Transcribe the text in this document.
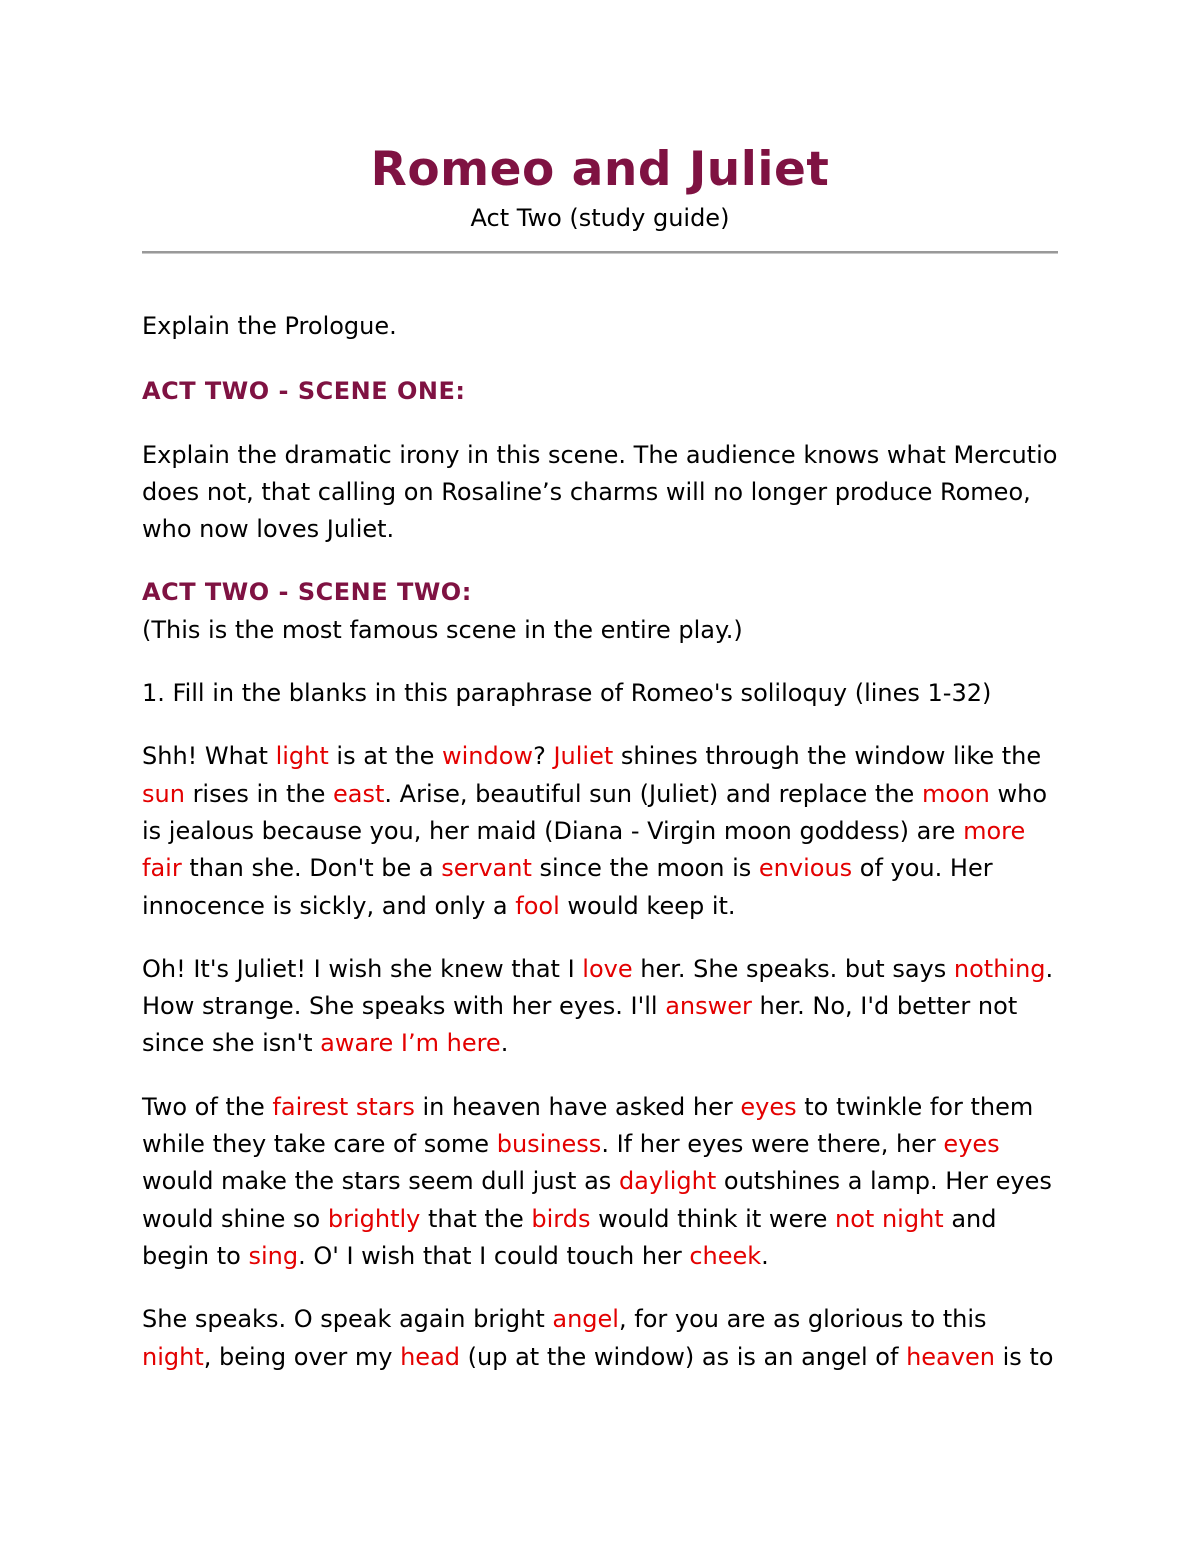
Romeo and Juliet
Act Two (study guide)

Explain the Prologue.

ACT TWO - SCENE ONE:

Explain the dramatic irony in this scene. The audience knows what Mercutio does not, that calling on Rosaline’s charms will no longer produce Romeo, who now loves Juliet.

ACT TWO - SCENE TWO:

(This is the most famous scene in the entire play.)

1. Fill in the blanks in this paraphrase of Romeo's soliloquy (lines 1-32)

Shh! What light is at the window? Juliet shines through the window like the sun rises in the east. Arise, beautiful sun (Juliet) and replace the moon who is jealous because you, her maid (Diana - Virgin moon goddess) are more fair than she. Don't be a servant since the moon is envious of you. Her innocence is sickly, and only a fool would keep it.

Oh! It's Juliet! I wish she knew that I love her. She speaks. but says nothing. How strange. She speaks with her eyes. I'll answer her. No, I'd better not since she isn't aware I’m here.

Two of the fairest stars in heaven have asked her eyes to twinkle for them while they take care of some business. If her eyes were there, her eyes would make the stars seem dull just as daylight outshines a lamp. Her eyes would shine so brightly that the birds would think it were not night and begin to sing. O' I wish that I could touch her cheek.

She speaks. O speak again bright angel, for you are as glorious to this night, being over my head (up at the window) as is an angel of heaven is to
